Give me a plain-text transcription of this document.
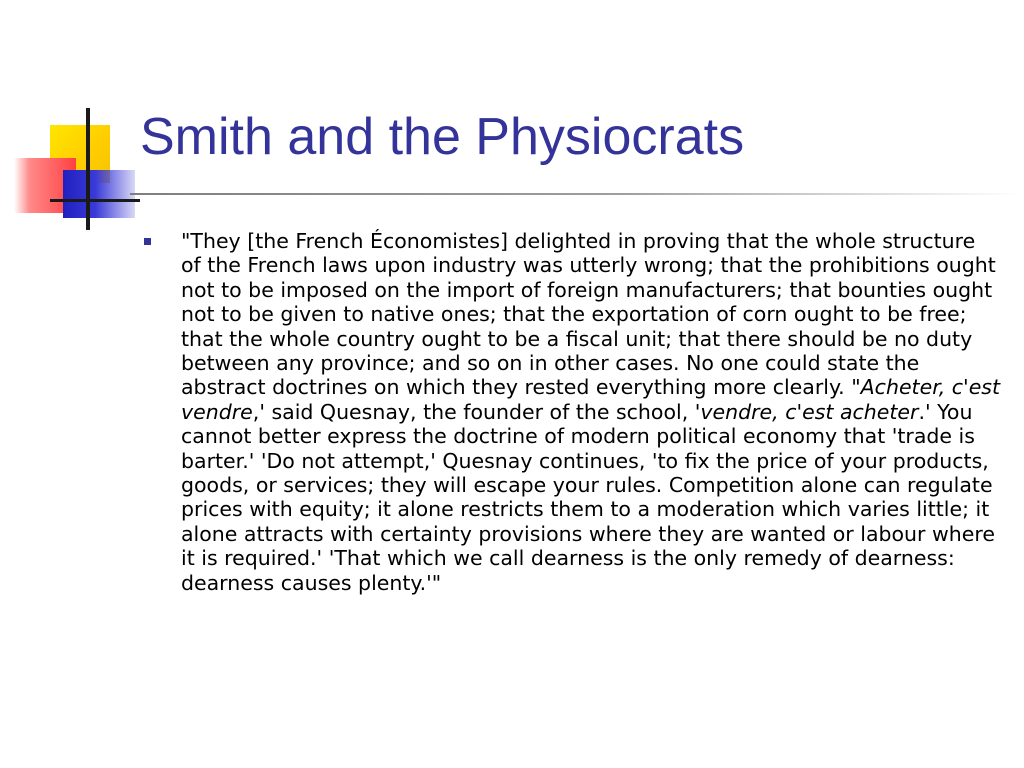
Smith and the Physiocrats

"They [the French Économistes] delighted in proving that the whole structure of the French laws upon industry was utterly wrong; that the prohibitions ought not to be imposed on the import of foreign manufacturers; that bounties ought not to be given to native ones; that the exportation of corn ought to be free; that the whole country ought to be a fiscal unit; that there should be no duty between any province; and so on in other cases. No one could state the abstract doctrines on which they rested everything more clearly. "Acheter, c'est vendre,' said Quesnay, the founder of the school, 'vendre, c'est acheter.' You cannot better express the doctrine of modern political economy that 'trade is barter.' 'Do not attempt,' Quesnay continues, 'to fix the price of your products, goods, or services; they will escape your rules. Competition alone can regulate prices with equity; it alone restricts them to a moderation which varies little; it alone attracts with certainty provisions where they are wanted or labour where it is required.' 'That which we call dearness is the only remedy of dearness: dearness causes plenty.'"
